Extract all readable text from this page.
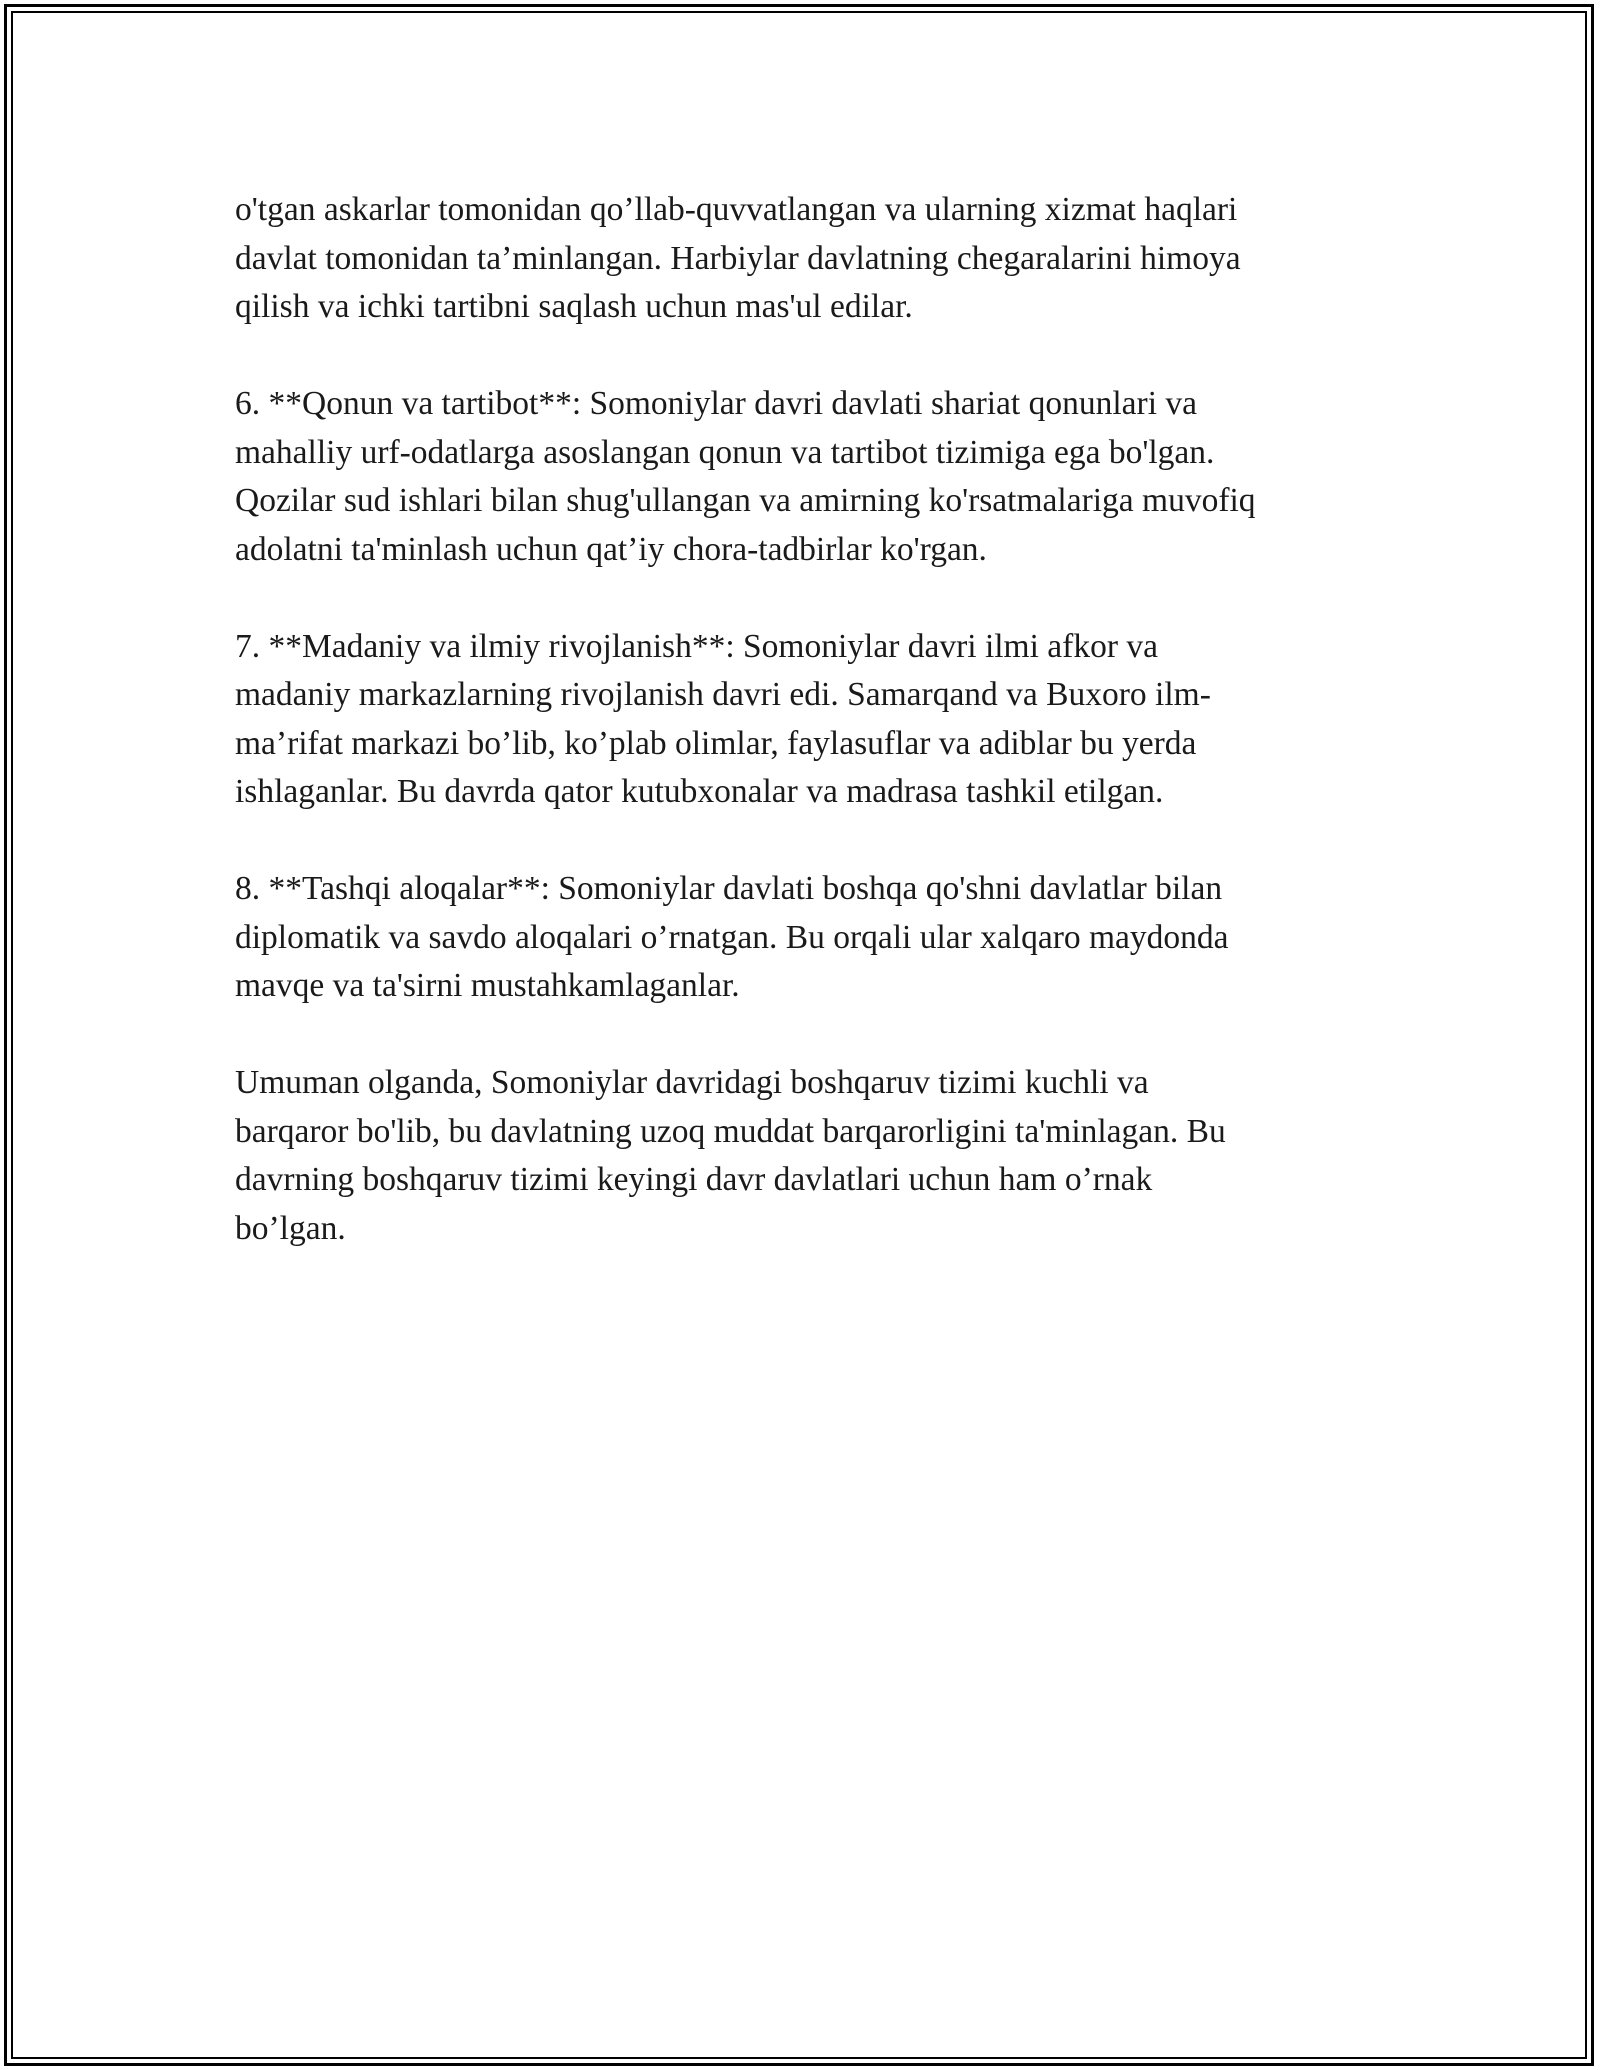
o'tgan askarlar tomonidan qo’llab-quvvatlangan va ularning xizmat haqlari
davlat tomonidan ta’minlangan. Harbiylar davlatning chegaralarini himoya
qilish va ichki tartibni saqlash uchun mas'ul edilar.

6. **Qonun va tartibot**: Somoniylar davri davlati shariat qonunlari va
mahalliy urf-odatlarga asoslangan qonun va tartibot tizimiga ega bo'lgan.
Qozilar sud ishlari bilan shug'ullangan va amirning ko'rsatmalariga muvofiq
adolatni ta'minlash uchun qat’iy chora-tadbirlar ko'rgan.

7. **Madaniy va ilmiy rivojlanish**: Somoniylar davri ilmi afkor va
madaniy markazlarning rivojlanish davri edi. Samarqand va Buxoro ilm-
ma’rifat markazi bo’lib, ko’plab olimlar, faylasuflar va adiblar bu yerda
ishlaganlar. Bu davrda qator kutubxonalar va madrasa tashkil etilgan.

8. **Tashqi aloqalar**: Somoniylar davlati boshqa qo'shni davlatlar bilan
diplomatik va savdo aloqalari o’rnatgan. Bu orqali ular xalqaro maydonda
mavqe va ta'sirni mustahkamlaganlar.

Umuman olganda, Somoniylar davridagi boshqaruv tizimi kuchli va
barqaror bo'lib, bu davlatning uzoq muddat barqarorligini ta'minlagan. Bu
davrning boshqaruv tizimi keyingi davr davlatlari uchun ham o’rnak
bo’lgan.
